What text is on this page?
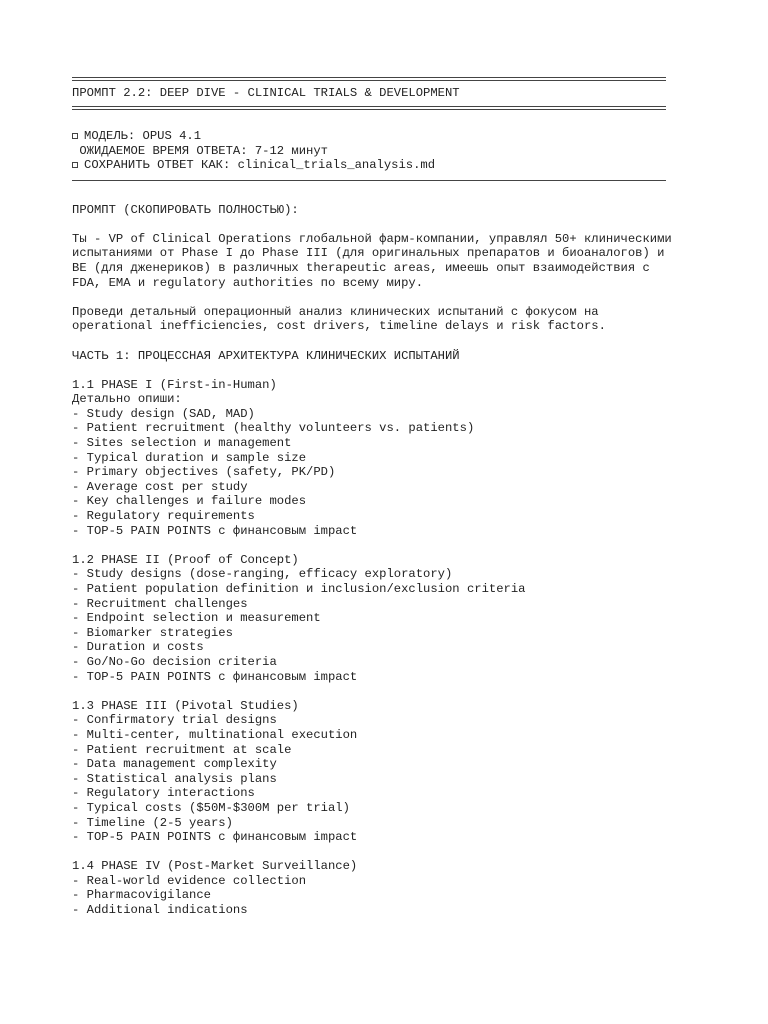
ПРОМПТ 2.2: DEEP DIVE - CLINICAL TRIALS & DEVELOPMENT
МОДЕЛЬ: OPUS 4.1
ОЖИДАЕМОЕ ВРЕМЯ ОТВЕТА: 7-12 минут
СОХРАНИТЬ ОТВЕТ КАК: clinical_trials_analysis.md
ПРОМПТ (СКОПИРОВАТЬ ПОЛНОСТЬЮ):
Ты - VP of Clinical Operations глобальной фарм-компании, управлял 50+ клиническими
испытаниями от Phase I до Phase III (для оригинальных препаратов и биоаналогов) и
BE (для дженериков) в различных therapeutic areas, имеешь опыт взаимодействия с
FDA, EMA и regulatory authorities по всему миру.
Проведи детальный операционный анализ клинических испытаний с фокусом на
operational inefficiencies, cost drivers, timeline delays и risk factors.
ЧАСТЬ 1: ПРОЦЕССНАЯ АРХИТЕКТУРА КЛИНИЧЕСКИХ ИСПЫТАНИЙ
1.1 PHASE I (First-in-Human)
Детально опиши:
- Study design (SAD, MAD)
- Patient recruitment (healthy volunteers vs. patients)
- Sites selection и management
- Typical duration и sample size
- Primary objectives (safety, PK/PD)
- Average cost per study
- Key challenges и failure modes
- Regulatory requirements
- TOP-5 PAIN POINTS с финансовым impact
1.2 PHASE II (Proof of Concept)
- Study designs (dose-ranging, efficacy exploratory)
- Patient population definition и inclusion/exclusion criteria
- Recruitment challenges
- Endpoint selection и measurement
- Biomarker strategies
- Duration и costs
- Go/No-Go decision criteria
- TOP-5 PAIN POINTS с финансовым impact
1.3 PHASE III (Pivotal Studies)
- Confirmatory trial designs
- Multi-center, multinational execution
- Patient recruitment at scale
- Data management complexity
- Statistical analysis plans
- Regulatory interactions
- Typical costs ($50M-$300M per trial)
- Timeline (2-5 years)
- TOP-5 PAIN POINTS с финансовым impact
1.4 PHASE IV (Post-Market Surveillance)
- Real-world evidence collection
- Pharmacovigilance
- Additional indications
